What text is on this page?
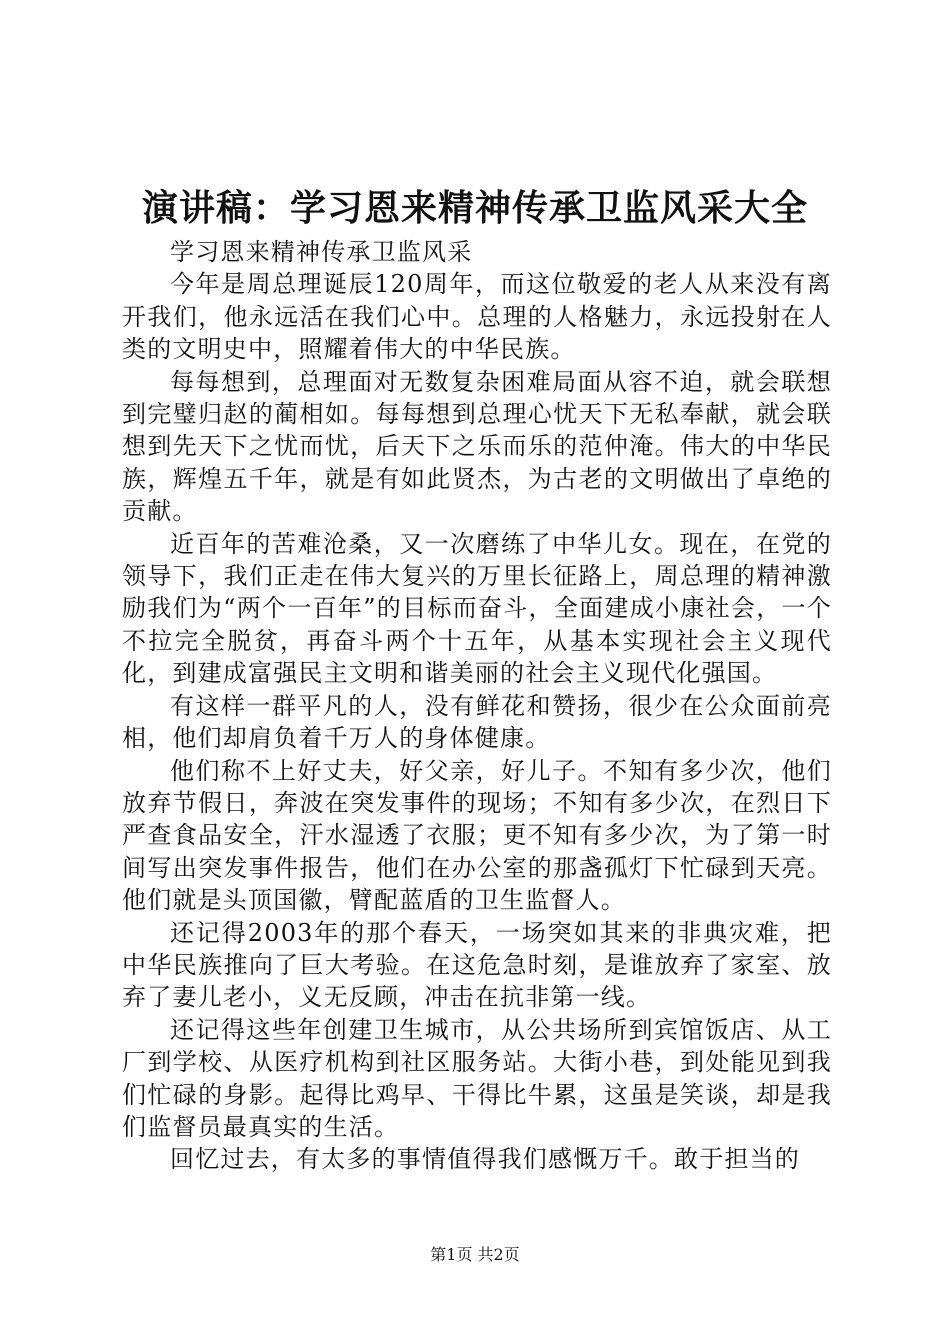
演讲稿：学习恩来精神传承卫监风采大全

学习恩来精神传承卫监风采

今年是周总理诞辰120周年，而这位敬爱的老人从来没有离开我们，他永远活在我们心中。总理的人格魅力，永远投射在人类的文明史中，照耀着伟大的中华民族。

每每想到，总理面对无数复杂困难局面从容不迫，就会联想到完璧归赵的蔺相如。每每想到总理心忧天下无私奉献，就会联想到先天下之忧而忧，后天下之乐而乐的范仲淹。伟大的中华民族，辉煌五千年，就是有如此贤杰，为古老的文明做出了卓绝的贡献。

近百年的苦难沧桑，又一次磨练了中华儿女。现在，在党的领导下，我们正走在伟大复兴的万里长征路上，周总理的精神激励我们为“两个一百年”的目标而奋斗，全面建成小康社会，一个不拉完全脱贫，再奋斗两个十五年，从基本实现社会主义现代化，到建成富强民主文明和谐美丽的社会主义现代化强国。

有这样一群平凡的人，没有鲜花和赞扬，很少在公众面前亮相，他们却肩负着千万人的身体健康。

他们称不上好丈夫，好父亲，好儿子。不知有多少次，他们放弃节假日，奔波在突发事件的现场；不知有多少次，在烈日下严查食品安全，汗水湿透了衣服；更不知有多少次，为了第一时间写出突发事件报告，他们在办公室的那盏孤灯下忙碌到天亮。他们就是头顶国徽，臂配蓝盾的卫生监督人。

还记得2003年的那个春天，一场突如其来的非典灾难，把中华民族推向了巨大考验。在这危急时刻，是谁放弃了家室、放弃了妻儿老小，义无反顾，冲击在抗非第一线。

还记得这些年创建卫生城市，从公共场所到宾馆饭店、从工厂到学校、从医疗机构到社区服务站。大街小巷，到处能见到我们忙碌的身影。起得比鸡早、干得比牛累，这虽是笑谈，却是我们监督员最真实的生活。

回忆过去，有太多的事情值得我们感慨万千。敢于担当的

第1页 共2页
